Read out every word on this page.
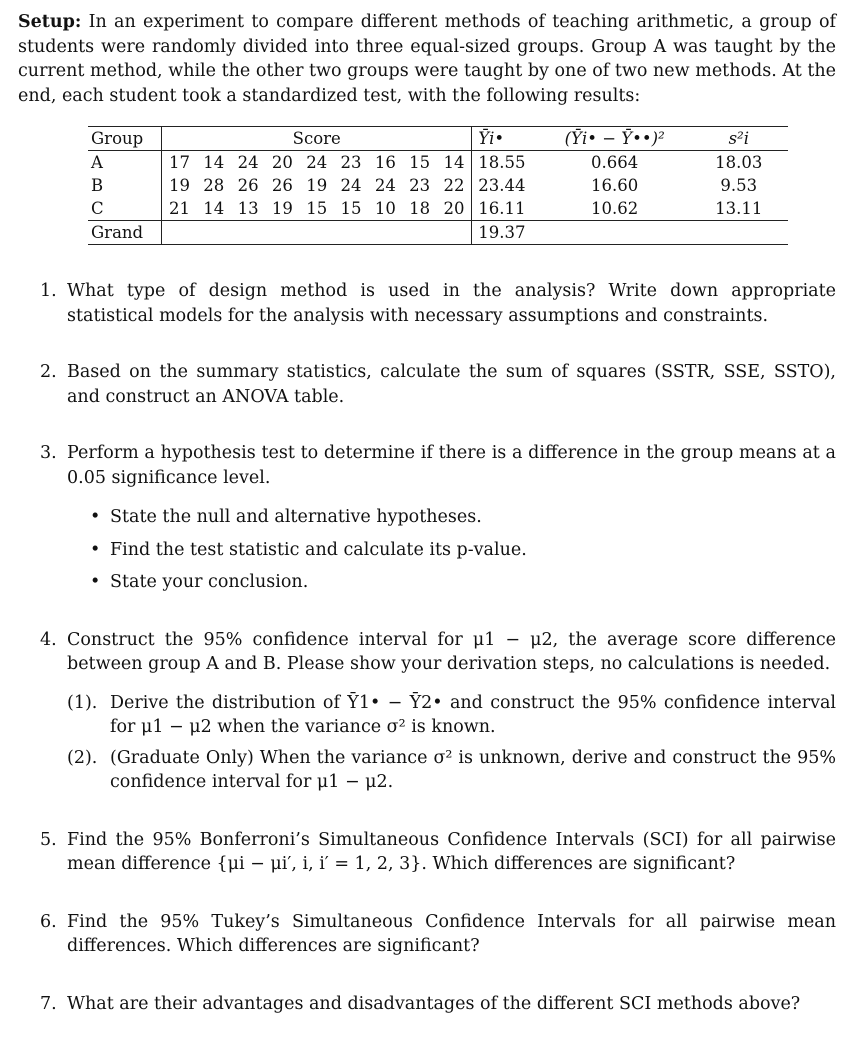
Setup: In an experiment to compare different methods of teaching arithmetic, a group of students were randomly divided into three equal-sized groups. Group A was taught by the current method, while the other two groups were taught by one of two new methods. At the end, each student took a standardized test, with the following results:

Group	Score									Ȳi•	(Ȳi• − Ȳ••)²	s²i
A	17	14	24	20	24	23	16	15	14	18.55	0.664	18.03
B	19	28	26	26	19	24	24	23	22	23.44	16.60	9.53
C	21	14	13	19	15	15	10	18	20	16.11	10.62	13.11
Grand										19.37		
1. What type of design method is used in the analysis? Write down appropriate statistical models for the analysis with necessary assumptions and constraints.
2. Based on the summary statistics, calculate the sum of squares (SSTR, SSE, SSTO), and construct an ANOVA table.
3. Perform a hypothesis test to determine if there is a difference in the group means at a 0.05 significance level.
• State the null and alternative hypotheses.
• Find the test statistic and calculate its p-value.
• State your conclusion.
4. Construct the 95% confidence interval for μ1 − μ2, the average score difference between group A and B. Please show your derivation steps, no calculations is needed.
(1). Derive the distribution of Ȳ1• − Ȳ2• and construct the 95% confidence interval for μ1 − μ2 when the variance σ² is known.
(2). (Graduate Only) When the variance σ² is unknown, derive and construct the 95% confidence interval for μ1 − μ2.
5. Find the 95% Bonferroni’s Simultaneous Confidence Intervals (SCI) for all pairwise mean difference {μi − μi′, i, i′ = 1, 2, 3}. Which differences are significant?
6. Find the 95% Tukey’s Simultaneous Confidence Intervals for all pairwise mean differences. Which differences are significant?
7. What are their advantages and disadvantages of the different SCI methods above?
